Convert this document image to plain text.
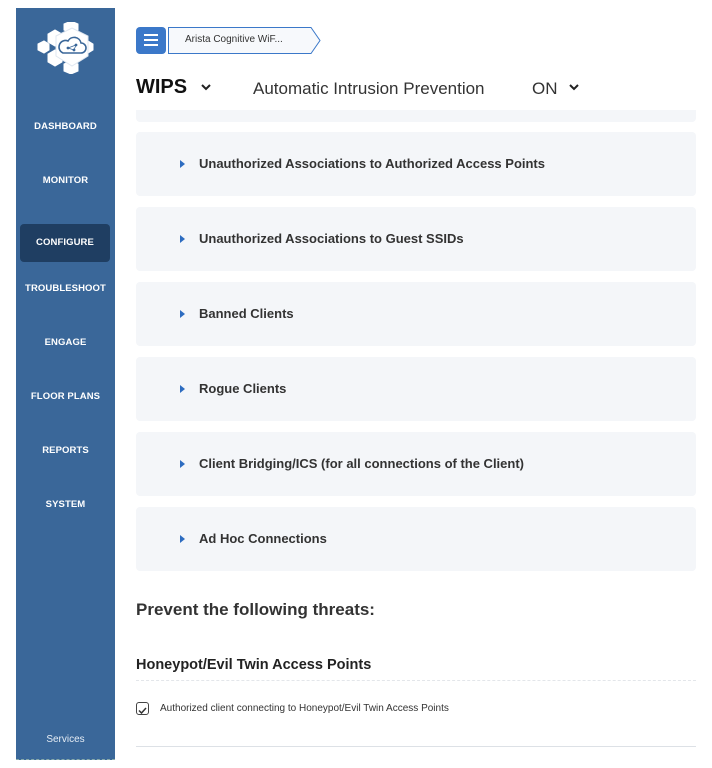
DASHBOARD
MONITOR
CONFIGURE
TROUBLESHOOT
ENGAGE
FLOOR PLANS
REPORTS
SYSTEM
Services
Arista Cognitive WiF...
WIPS	Automatic Intrusion Prevention	ON
Unauthorized Associations to Authorized Access Points
Unauthorized Associations to Guest SSIDs
Banned Clients
Rogue Clients
Client Bridging/ICS (for all connections of the Client)
Ad Hoc Connections
Prevent the following threats:
Honeypot/Evil Twin Access Points
Authorized client connecting to Honeypot/Evil Twin Access Points
